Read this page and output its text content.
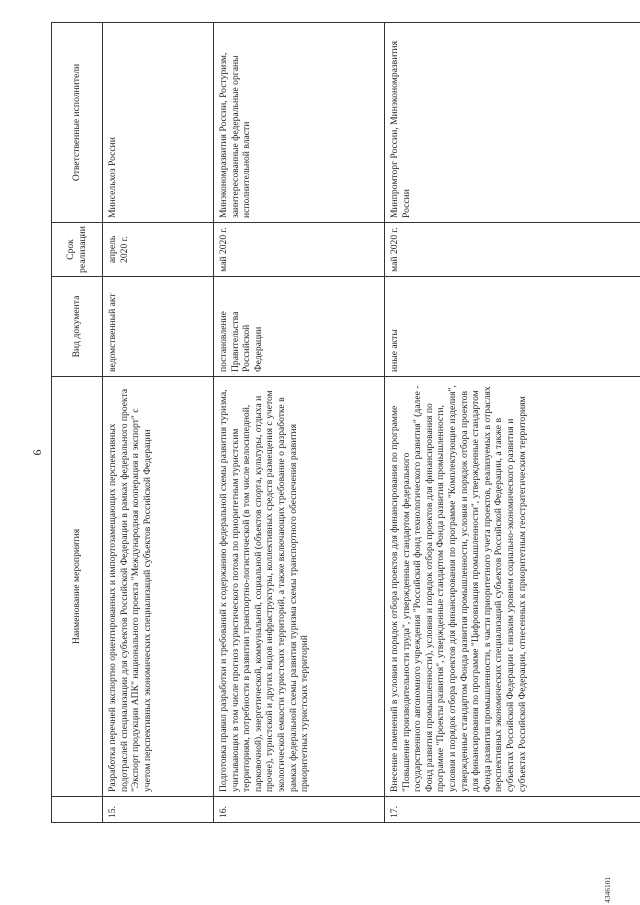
6
	Наименование мероприятия	Вид документа	Срок реализации	Ответственные исполнители
15.	Разработка перечней экспортно ориентированных и импортозамещающих перспективных подотраслей специализации для субъектов Российской Федерации в рамках федерального проекта "Экспорт продукции АПК" национального проекта "Международная кооперация и экспорт" с учетом перспективных экономических специализаций субъектов Российской Федерации	ведомственный акт	апрель 2020 г.	Минсельхоз России
16.	Подготовка правил разработки и требований к содержанию федеральной схемы развития туризма, учитывающих в том числе прогноз туристического потока по приоритетным туристским территориям, потребности в развитии транспортно-логистической (в том числе велосипедной, парковочной), энергетической, коммунальной, социальной (объектов спорта, культуры, отдыха и прочее), туристской и других видов инфраструктуры, коллективных средств размещения с учетом экологической емкости туристских территорий, а также включающих требование о разработке в рамках федеральной схемы развития туризма схемы транспортного обеспечения развития приоритетных туристских территорий	постановление Правительства Российской Федерации	май 2020 г.	Минэкономразвития России, Ростуризм, заинтересованные федеральные органы исполнительной власти
17.	Внесение изменений в условия и порядок отбора проектов для финансирования по программе "Повышение производительности труда", утвержденные стандартом федерального государственного автономного учреждения "Российский фонд технологического развития" (далее - Фонд развития промышленности), условия и порядок отбора проектов для финансирования по программе "Проекты развития", утвержденные стандартом Фонда развития промышленности, условия и порядок отбора проектов для финансирования по программе "Комплектующие изделия", утвержденные стандартом Фонда развития промышленности, условия и порядок отбора проектов для финансирования по программе "Цифровизация промышленности", утвержденные стандартом Фонда развития промышленности, в части приоритетного учета проектов, реализуемых в отраслях перспективных экономических специализаций субъектов Российской Федерации, а также в субъектах Российской Федерации с низким уровнем социально-экономического развития и субъектах Российской Федерации, отнесенных к приоритетным геостратегическим территориям	иные акты	май 2020 г.	Минпромторг России, Минэкономразвития России
4346101
